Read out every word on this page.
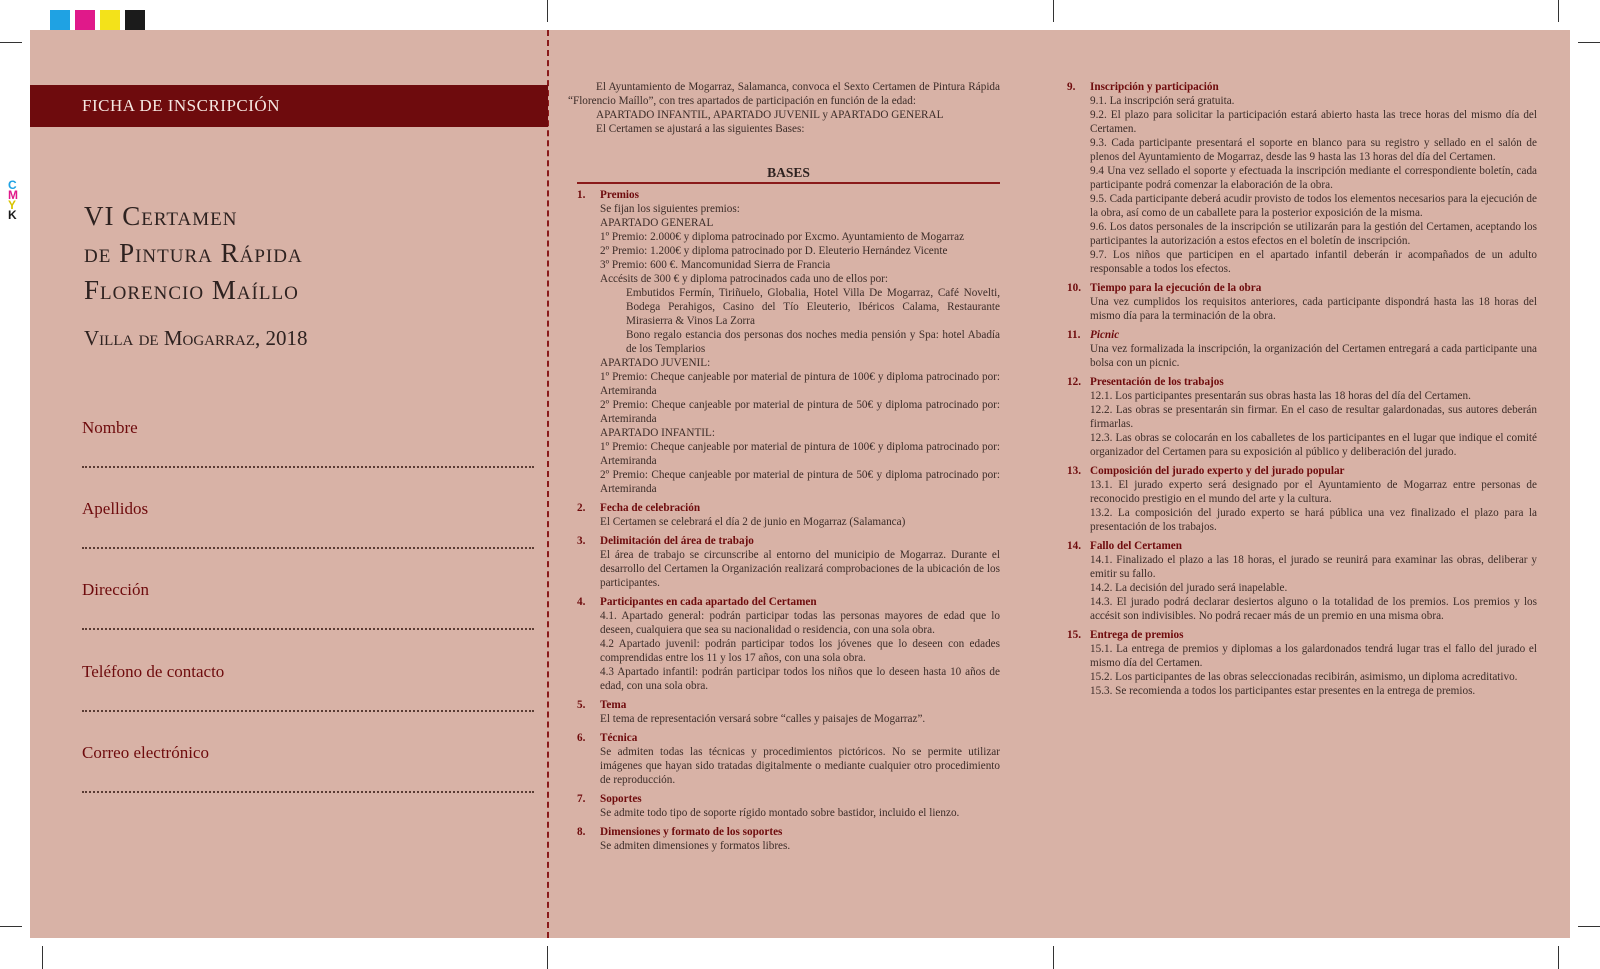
C
M
Y
K
FICHA DE INSCRIPCIÓN
VI Certamen
de Pintura Rápida
Florencio Maíllo
Villa de Mogarraz, 2018
Nombre
Apellidos
Dirección
Teléfono de contacto
Correo electrónico

El Ayuntamiento de Mogarraz, Salamanca, convoca el Sexto Certamen de Pintura Rápida “Florencio Maíllo”, con tres apartados de participación en función de la edad:

APARTADO INFANTIL, APARTADO JUVENIL y APARTADO GENERAL

El Certamen se ajustará a las siguientes Bases:

BASES
1. Premios
Se fijan los siguientes premios:
APARTADO GENERAL
1º Premio: 2.000€ y diploma patrocinado por Excmo. Ayuntamiento de Mogarraz
2º Premio: 1.200€ y diploma patrocinado por D. Eleuterio Hernández Vicente
3º Premio: 600 €. Mancomunidad Sierra de Francia
Accésits de 300 € y diploma patrocinados cada uno de ellos por:
Embutidos Fermín, Tiriñuelo, Globalia, Hotel Villa De Mogarraz, Café Novelti, Bodega Perahigos, Casino del Tío Eleuterio, Ibéricos Calama, Restaurante Mirasierra & Vinos La Zorra
Bono regalo estancia dos personas dos noches media pensión y Spa: hotel Abadía de los Templarios
APARTADO JUVENIL:
1º Premio: Cheque canjeable por material de pintura de 100€ y diploma patrocinado por: Artemiranda
2º Premio: Cheque canjeable por material de pintura de 50€ y diploma patrocinado por: Artemiranda
APARTADO INFANTIL:
1º Premio: Cheque canjeable por material de pintura de 100€ y diploma patrocinado por: Artemiranda
2º Premio: Cheque canjeable por material de pintura de 50€ y diploma patrocinado por: Artemiranda
2. Fecha de celebración
El Certamen se celebrará el día 2 de junio en Mogarraz (Salamanca)
3. Delimitación del área de trabajo
El área de trabajo se circunscribe al entorno del municipio de Mogarraz. Durante el desarrollo del Certamen la Organización realizará comprobaciones de la ubicación de los participantes.
4. Participantes en cada apartado del Certamen
4.1. Apartado general: podrán participar todas las personas mayores de edad que lo deseen, cualquiera que sea su nacionalidad o residencia, con una sola obra.
4.2 Apartado juvenil: podrán participar todos los jóvenes que lo deseen con edades comprendidas entre los 11 y los 17 años, con una sola obra.
4.3 Apartado infantil: podrán participar todos los niños que lo deseen hasta 10 años de edad, con una sola obra.
5. Tema
El tema de representación versará sobre “calles y paisajes de Mogarraz”.
6. Técnica
Se admiten todas las técnicas y procedimientos pictóricos. No se permite utilizar imágenes que hayan sido tratadas digitalmente o mediante cualquier otro procedimiento de reproducción.
7. Soportes
Se admite todo tipo de soporte rígido montado sobre bastidor, incluido el lienzo.
8. Dimensiones y formato de los soportes
Se admiten dimensiones y formatos libres.
9. Inscripción y participación
9.1. La inscripción será gratuita.
9.2. El plazo para solicitar la participación estará abierto hasta las trece horas del mismo día del Certamen.
9.3. Cada participante presentará el soporte en blanco para su registro y sellado en el salón de plenos del Ayuntamiento de Mogarraz, desde las 9 hasta las 13 horas del día del Certamen.
9.4 Una vez sellado el soporte y efectuada la inscripción mediante el correspondiente boletín, cada participante podrá comenzar la elaboración de la obra.
9.5. Cada participante deberá acudir provisto de todos los elementos necesarios para la ejecución de la obra, así como de un caballete para la posterior exposición de la misma.
9.6. Los datos personales de la inscripción se utilizarán para la gestión del Certamen, aceptando los participantes la autorización a estos efectos en el boletín de inscripción.
9.7. Los niños que participen en el apartado infantil deberán ir acompañados de un adulto responsable a todos los efectos.
10. Tiempo para la ejecución de la obra
Una vez cumplidos los requisitos anteriores, cada participante dispondrá hasta las 18 horas del mismo día para la terminación de la obra.
11. Picnic
Una vez formalizada la inscripción, la organización del Certamen entregará a cada participante una bolsa con un picnic.
12. Presentación de los trabajos
12.1. Los participantes presentarán sus obras hasta las 18 horas del día del Certamen.
12.2. Las obras se presentarán sin firmar. En el caso de resultar galardonadas, sus autores deberán firmarlas.
12.3. Las obras se colocarán en los caballetes de los participantes en el lugar que indique el comité organizador del Certamen para su exposición al público y deliberación del jurado.
13. Composición del jurado experto y del jurado popular
13.1. El jurado experto será designado por el Ayuntamiento de Mogarraz entre personas de reconocido prestigio en el mundo del arte y la cultura.
13.2. La composición del jurado experto se hará pública una vez finalizado el plazo para la presentación de los trabajos.
14. Fallo del Certamen
14.1. Finalizado el plazo a las 18 horas, el jurado se reunirá para examinar las obras, deliberar y emitir su fallo.
14.2. La decisión del jurado será inapelable.
14.3. El jurado podrá declarar desiertos alguno o la totalidad de los premios. Los premios y los accésit son indivisibles. No podrá recaer más de un premio en una misma obra.
15. Entrega de premios
15.1. La entrega de premios y diplomas a los galardonados tendrá lugar tras el fallo del jurado el mismo día del Certamen.
15.2. Los participantes de las obras seleccionadas recibirán, asimismo, un diploma acreditativo.
15.3. Se recomienda a todos los participantes estar presentes en la entrega de premios.
